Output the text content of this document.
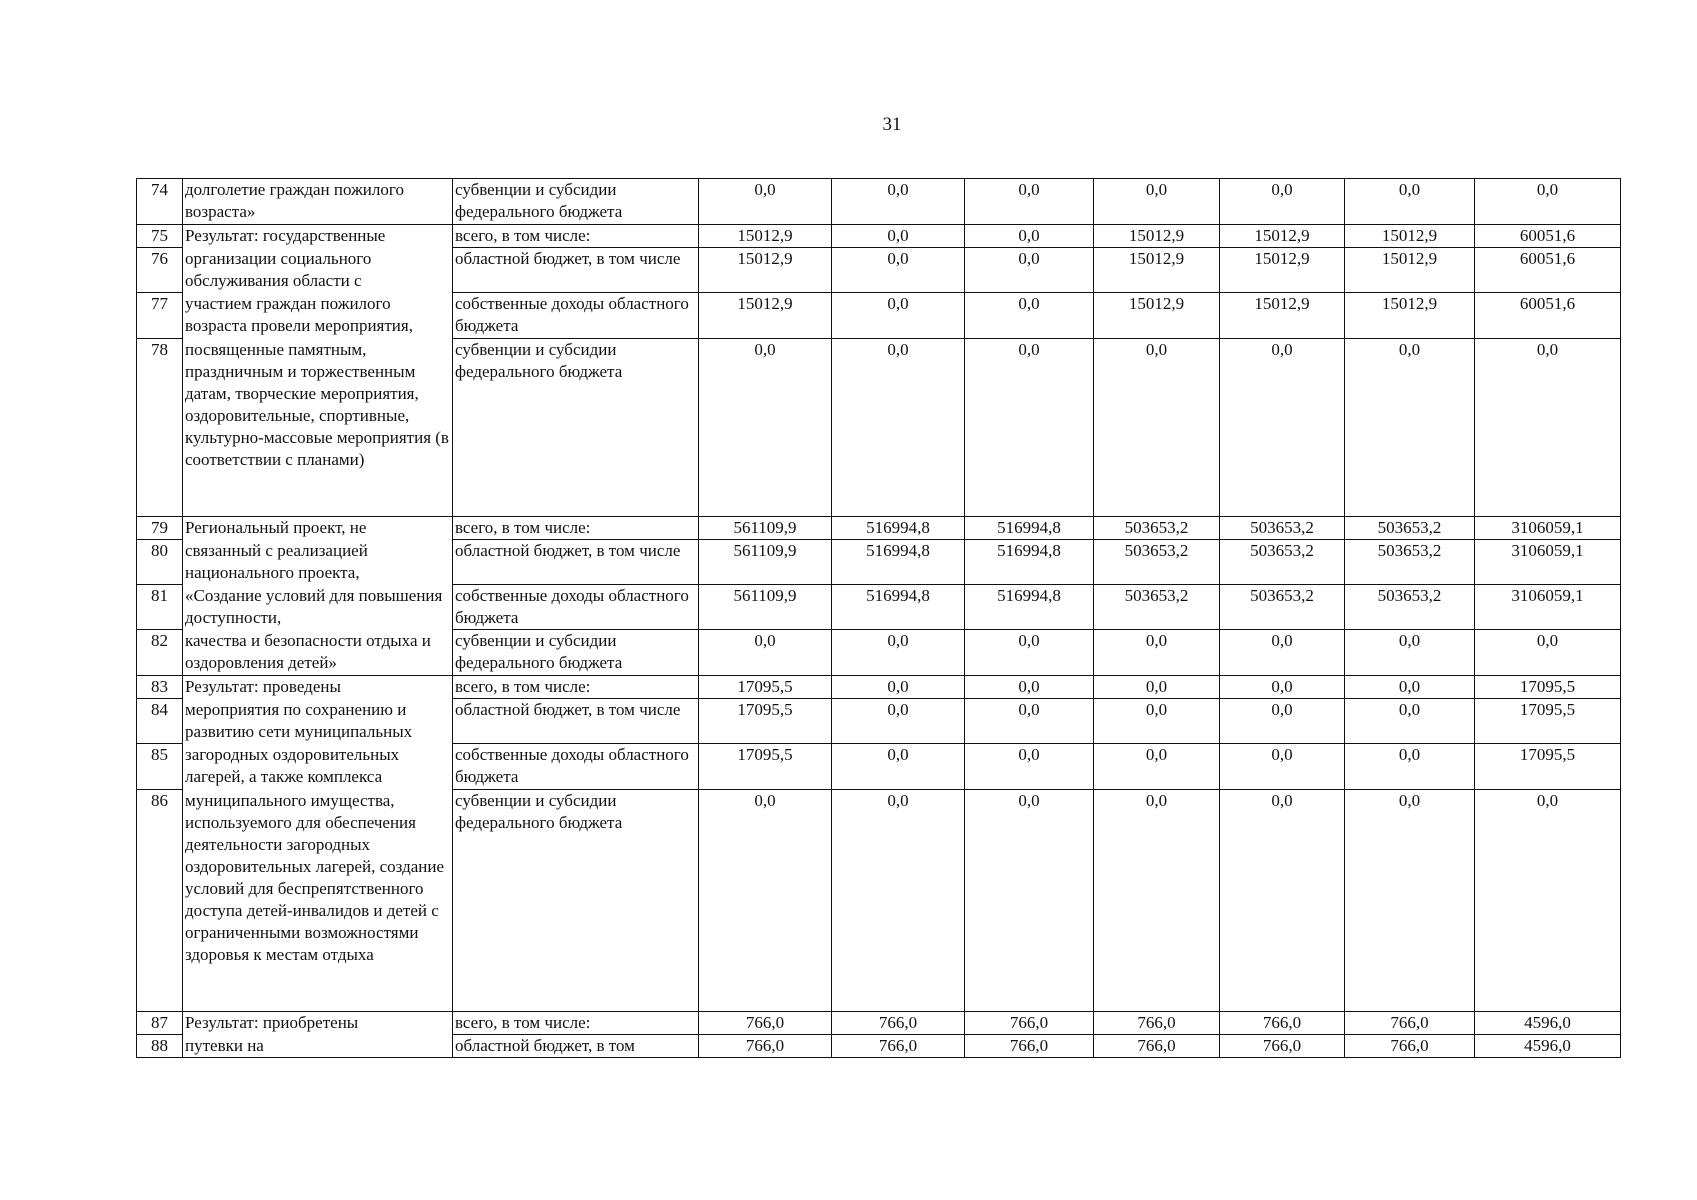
31
74	долголетие граждан пожилого возраста»	субвенции и субсидии федерального бюджета	0,0	0,0	0,0	0,0	0,0	0,0	0,0
75	Результат: государственные	всего, в том числе:	15012,9	0,0	0,0	15012,9	15012,9	15012,9	60051,6
76	организации социального обслуживания области с	областной бюджет, в том числе	15012,9	0,0	0,0	15012,9	15012,9	15012,9	60051,6
77	участием граждан пожилого возраста провели мероприятия,	собственные доходы областного бюджета	15012,9	0,0	0,0	15012,9	15012,9	15012,9	60051,6
78	посвященные памятным, праздничным и торжественным датам, творческие мероприятия, оздоровительные, спортивные, культурно-массовые мероприятия (в соответствии с планами)	субвенции и субсидии федерального бюджета	0,0	0,0	0,0	0,0	0,0	0,0	0,0
79	Региональный проект, не	всего, в том числе:	561109,9	516994,8	516994,8	503653,2	503653,2	503653,2	3106059,1
80	связанный с реализацией национального проекта,	областной бюджет, в том числе	561109,9	516994,8	516994,8	503653,2	503653,2	503653,2	3106059,1
81	«Создание условий для повышения доступности,	собственные доходы областного бюджета	561109,9	516994,8	516994,8	503653,2	503653,2	503653,2	3106059,1
82	качества и безопасности отдыха и оздоровления детей»	субвенции и субсидии федерального бюджета	0,0	0,0	0,0	0,0	0,0	0,0	0,0
83	Результат: проведены	всего, в том числе:	17095,5	0,0	0,0	0,0	0,0	0,0	17095,5
84	мероприятия по сохранению и развитию сети муниципальных	областной бюджет, в том числе	17095,5	0,0	0,0	0,0	0,0	0,0	17095,5
85	загородных оздоровительных лагерей, а также комплекса	собственные доходы областного бюджета	17095,5	0,0	0,0	0,0	0,0	0,0	17095,5
86	муниципального имущества, используемого для обеспечения деятельности загородных оздоровительных лагерей, создание условий для беспрепятственного доступа детей-инвалидов и детей с ограниченными возможностями здоровья к местам отдыха	субвенции и субсидии федерального бюджета	0,0	0,0	0,0	0,0	0,0	0,0	0,0
87	Результат: приобретены	всего, в том числе:	766,0	766,0	766,0	766,0	766,0	766,0	4596,0
88	путевки на	областной бюджет, в том	766,0	766,0	766,0	766,0	766,0	766,0	4596,0
